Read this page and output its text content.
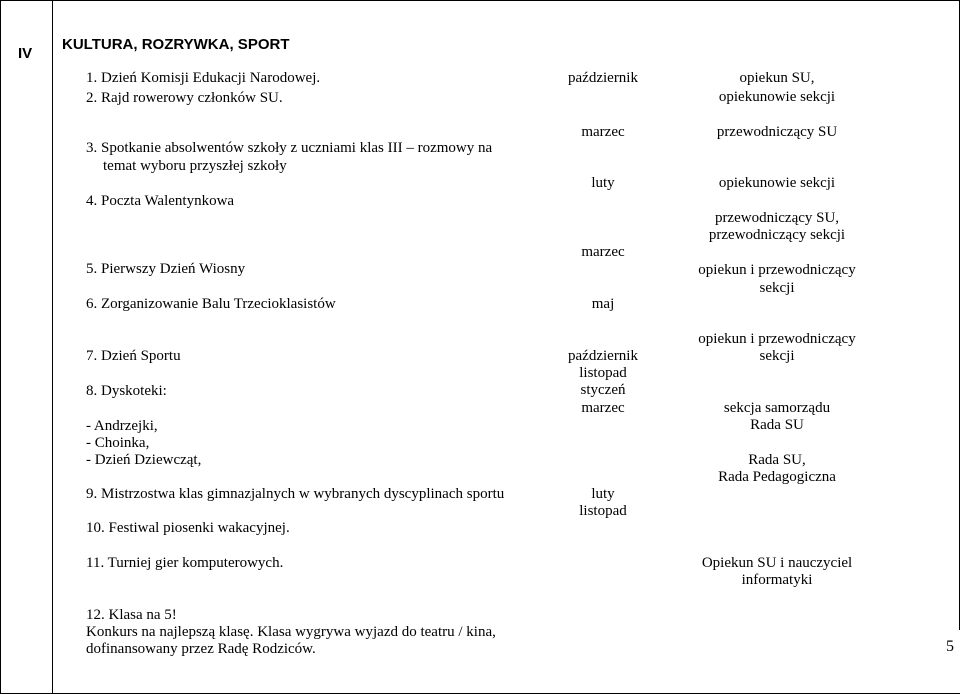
IV
KULTURA, ROZRYWKA, SPORT
1. Dzień Komisji Edukacji Narodowej.
2. Rajd rowerowy członków SU.
3. Spotkanie absolwentów szkoły z uczniami klas III – rozmowy na
temat wyboru przyszłej szkoły
4. Poczta Walentynkowa
5. Pierwszy Dzień Wiosny
6. Zorganizowanie Balu Trzecioklasistów
7. Dzień Sportu
8. Dyskoteki:
- Andrzejki,
- Choinka,
- Dzień Dziewcząt,
9. Mistrzostwa klas gimnazjalnych w wybranych dyscyplinach sportu
10. Festiwal piosenki wakacyjnej.
11. Turniej gier komputerowych.
12. Klasa na 5!
Konkurs na najlepszą klasę. Klasa wygrywa wyjazd do teatru / kina,
dofinansowany przez Radę Rodziców.
październik
marzec
luty
marzec
maj
październik
listopad
styczeń
marzec
luty
listopad
opiekun SU,
opiekunowie sekcji
przewodniczący SU
opiekunowie sekcji
przewodniczący SU,
przewodniczący sekcji
opiekun i przewodniczący
sekcji
opiekun i przewodniczący
sekcji
sekcja samorządu
Rada SU
Rada SU,
Rada Pedagogiczna
Opiekun SU i nauczyciel
informatyki
5
